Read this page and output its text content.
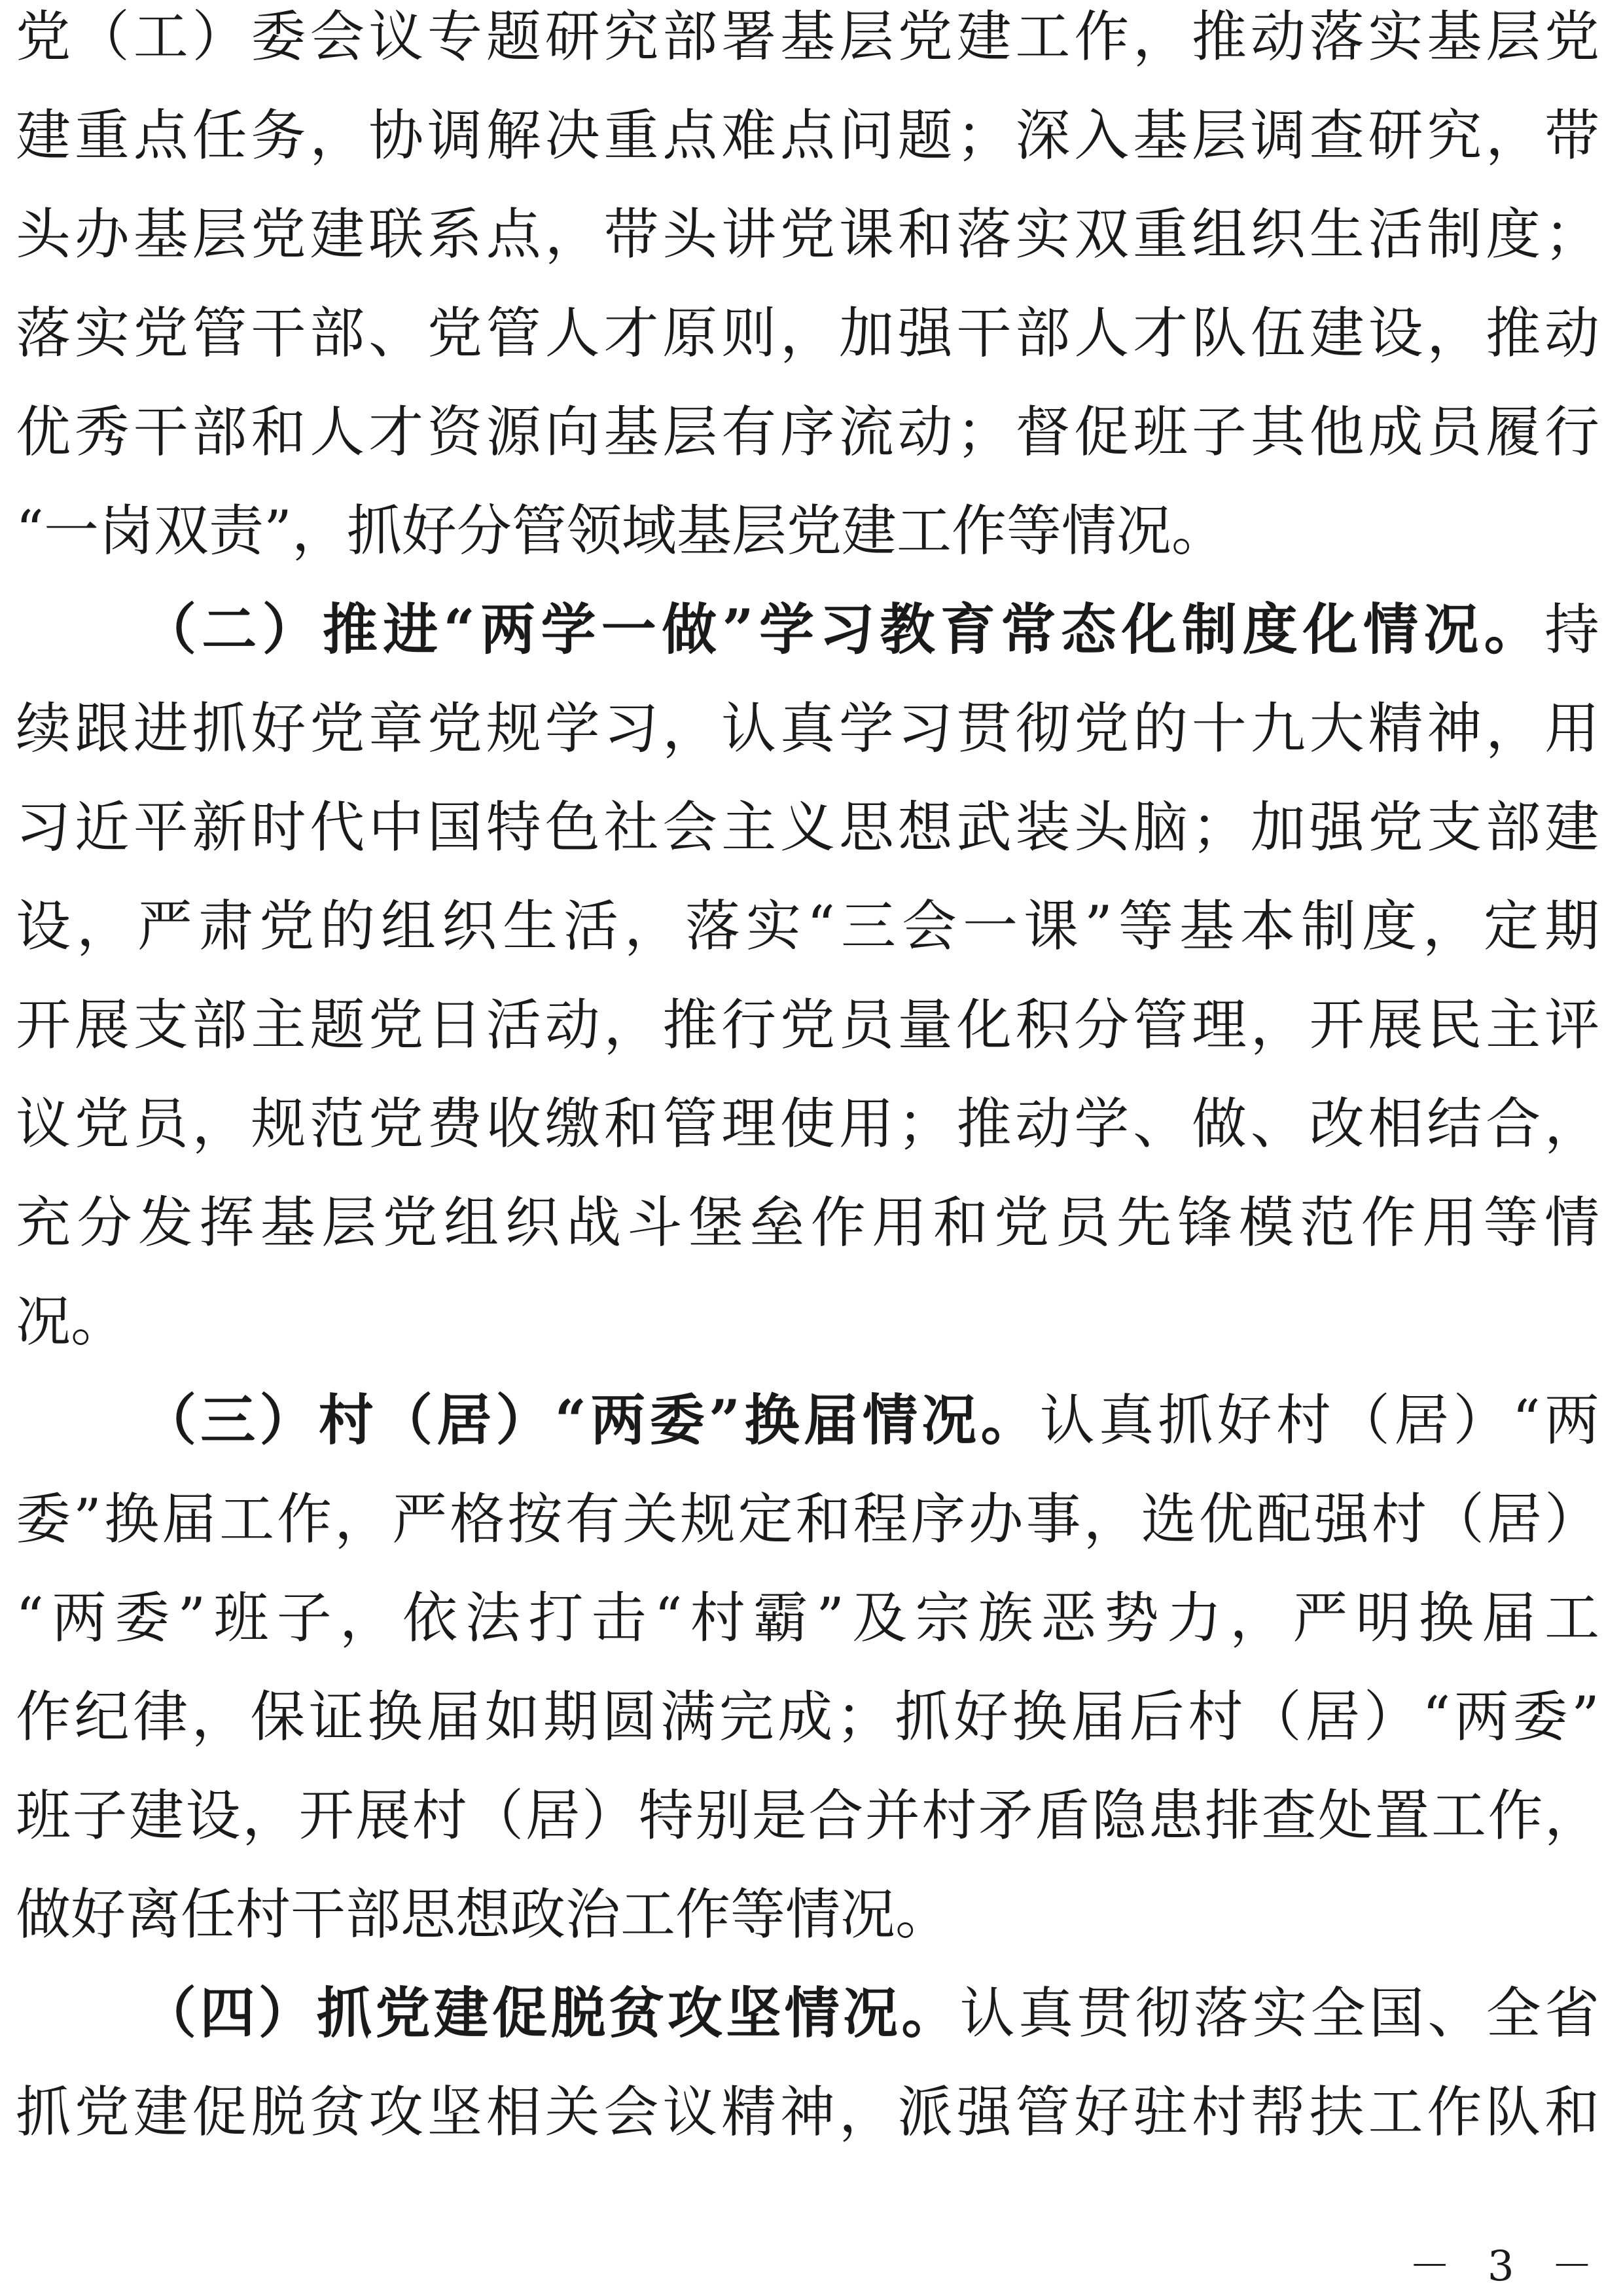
党（工）委会议专题研究部署基层党建工作，推动落实基层党
建重点任务，协调解决重点难点问题；深入基层调查研究，带
头办基层党建联系点，带头讲党课和落实双重组织生活制度；
落实党管干部、党管人才原则，加强干部人才队伍建设，推动
优秀干部和人才资源向基层有序流动；督促班子其他成员履行
“一岗双责”，抓好分管领域基层党建工作等情况。
（二）推进“两学一做”学习教育常态化制度化情况。持
续跟进抓好党章党规学习，认真学习贯彻党的十九大精神，用
习近平新时代中国特色社会主义思想武装头脑；加强党支部建
设，严肃党的组织生活，落实“三会一课”等基本制度，定期
开展支部主题党日活动，推行党员量化积分管理，开展民主评
议党员，规范党费收缴和管理使用；推动学、做、改相结合，
充分发挥基层党组织战斗堡垒作用和党员先锋模范作用等情
况。
（三）村（居）“两委”换届情况。认真抓好村（居）“两
委”换届工作，严格按有关规定和程序办事，选优配强村（居）
“两委”班子，依法打击“村霸”及宗族恶势力，严明换届工
作纪律，保证换届如期圆满完成；抓好换届后村（居）“两委”
班子建设，开展村（居）特别是合并村矛盾隐患排查处置工作，
做好离任村干部思想政治工作等情况。
（四）抓党建促脱贫攻坚情况。认真贯彻落实全国、全省
抓党建促脱贫攻坚相关会议精神，派强管好驻村帮扶工作队和
－ 3 －
